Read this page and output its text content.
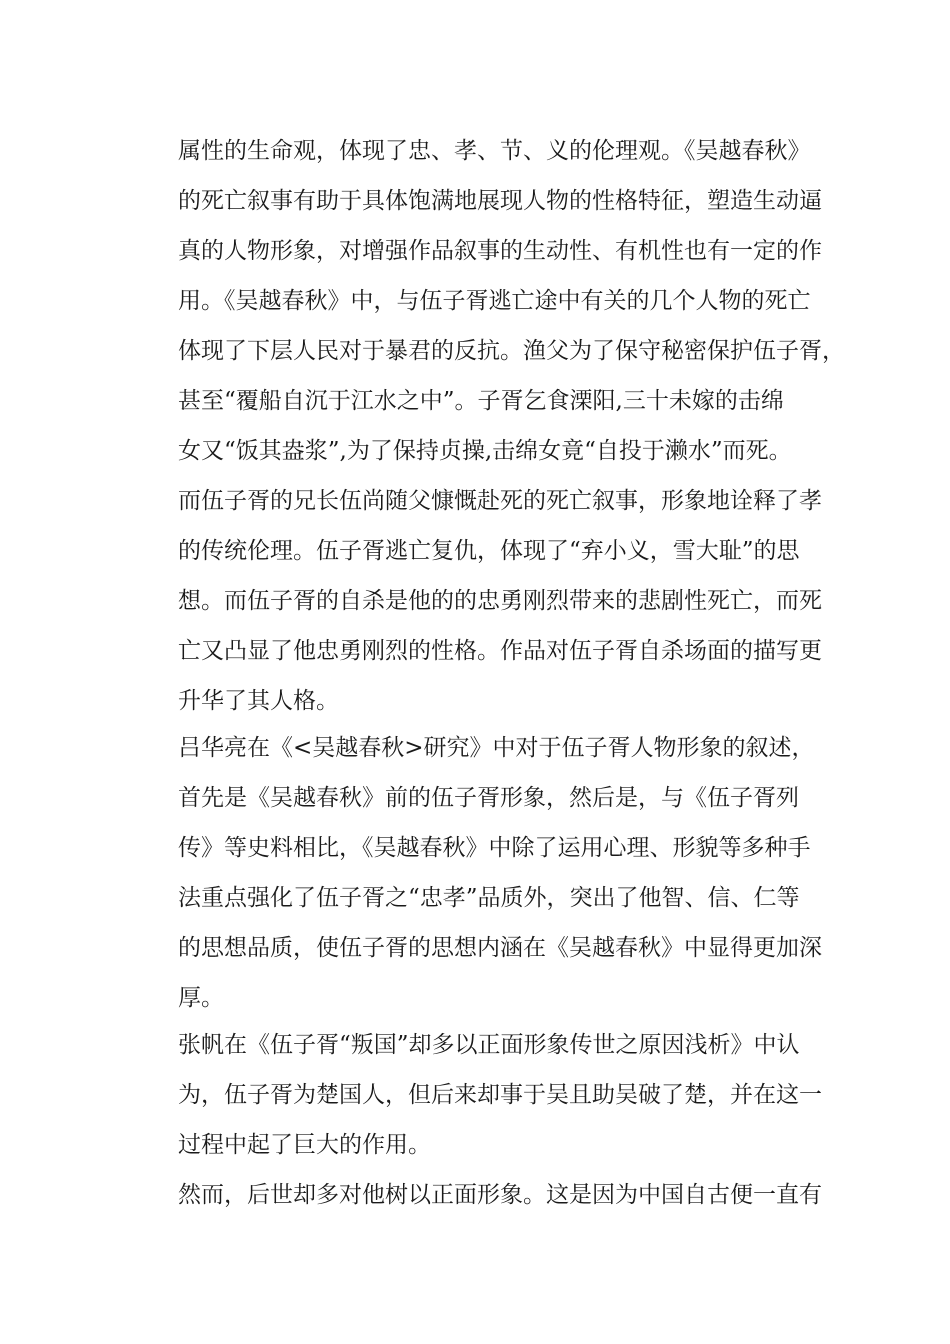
属性的生命观，体现了忠、孝、节、义的伦理观。《吴越春秋》
的死亡叙事有助于具体饱满地展现人物的性格特征，塑造生动逼
真的人物形象，对增强作品叙事的生动性、有机性也有一定的作
用。《吴越春秋》中，与伍子胥逃亡途中有关的几个人物的死亡
体现了下层人民对于暴君的反抗。渔父为了保守秘密保护伍子胥，
甚至“覆船自沉于江水之中”。子胥乞食溧阳,三十未嫁的击绵
女又“饭其盎浆”,为了保持贞操,击绵女竟“自投于濑水”而死。
而伍子胥的兄长伍尚随父慷慨赴死的死亡叙事，形象地诠释了孝
的传统伦理。伍子胥逃亡复仇，体现了“弃小义，雪大耻”的思
想。而伍子胥的自杀是他的的忠勇刚烈带来的悲剧性死亡，而死
亡又凸显了他忠勇刚烈的性格。作品对伍子胥自杀场面的描写更
升华了其人格。
吕华亮在《<吴越春秋>研究》中对于伍子胥人物形象的叙述，
首先是《吴越春秋》前的伍子胥形象，然后是，与《伍子胥列
传》等史料相比，《吴越春秋》中除了运用心理、形貌等多种手
法重点强化了伍子胥之“忠孝”品质外，突出了他智、信、仁等
的思想品质，使伍子胥的思想内涵在《吴越春秋》中显得更加深
厚。
张帆在《伍子胥“叛国”却多以正面形象传世之原因浅析》中认
为，伍子胥为楚国人，但后来却事于吴且助吴破了楚，并在这一
过程中起了巨大的作用。
然而，后世却多对他树以正面形象。这是因为中国自古便一直有
